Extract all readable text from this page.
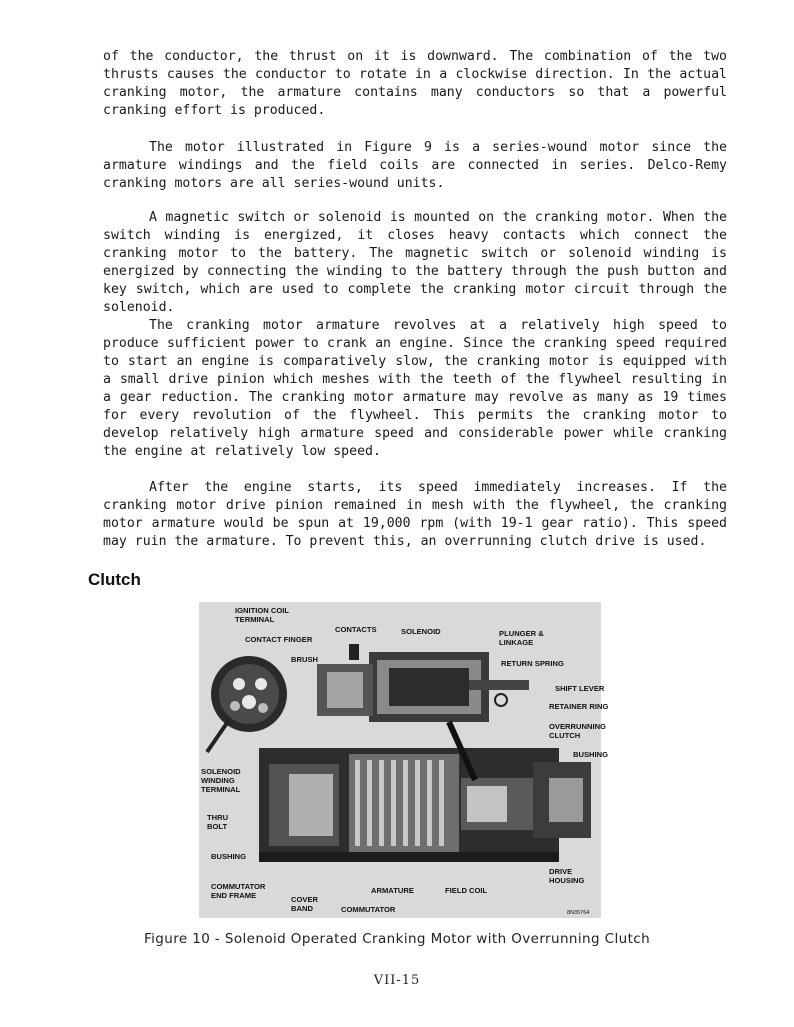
of the conductor, the thrust on it is downward. The combination of the two thrusts causes the conductor to rotate in a clockwise direction. In the actual cranking motor, the armature contains many conductors so that a powerful cranking effort is produced.

The motor illustrated in Figure 9 is a series-wound motor since the armature windings and the field coils are connected in series. Delco-Remy cranking motors are all series-wound units.

A magnetic switch or solenoid is mounted on the cranking motor. When the switch winding is energized, it closes heavy contacts which connect the cranking motor to the battery. The magnetic switch or solenoid winding is energized by connecting the winding to the battery through the push button and key switch, which are used to complete the cranking motor circuit through the solenoid.

The cranking motor armature revolves at a relatively high speed to produce sufficient power to crank an engine. Since the cranking speed required to start an engine is comparatively slow, the cranking motor is equipped with a small drive pinion which meshes with the teeth of the flywheel resulting in a gear reduction. The cranking motor armature may revolve as many as 19 times for every revolution of the flywheel. This permits the cranking motor to develop relatively high armature speed and considerable power while cranking the engine at relatively low speed.

After the engine starts, its speed immediately increases. If the cranking motor drive pinion remained in mesh with the flywheel, the cranking motor armature would be spun at 19,000 rpm (with 19-1 gear ratio). This speed may ruin the armature. To prevent this, an overrunning clutch drive is used.

Clutch
IGNITION COIL
TERMINAL
CONTACT FINGER
CONTACTS	SOLENOID	PLUNGER &
LINKAGE
BRUSH	RETURN SPRING
SHIFT LEVER
RETAINER RING
OVERRUNNING
CLUTCH
BUSHING
SOLENOID
WINDING
TERMINAL
THRU
BOLT
BUSHING
DRIVE
HOUSING
COMMUTATOR
END FRAME	COVER
BAND
ARMATURE	FIELD COIL
COMMUTATOR	8N35764

Figure 10 - Solenoid Operated Cranking Motor with Overrunning Clutch

VII-15
